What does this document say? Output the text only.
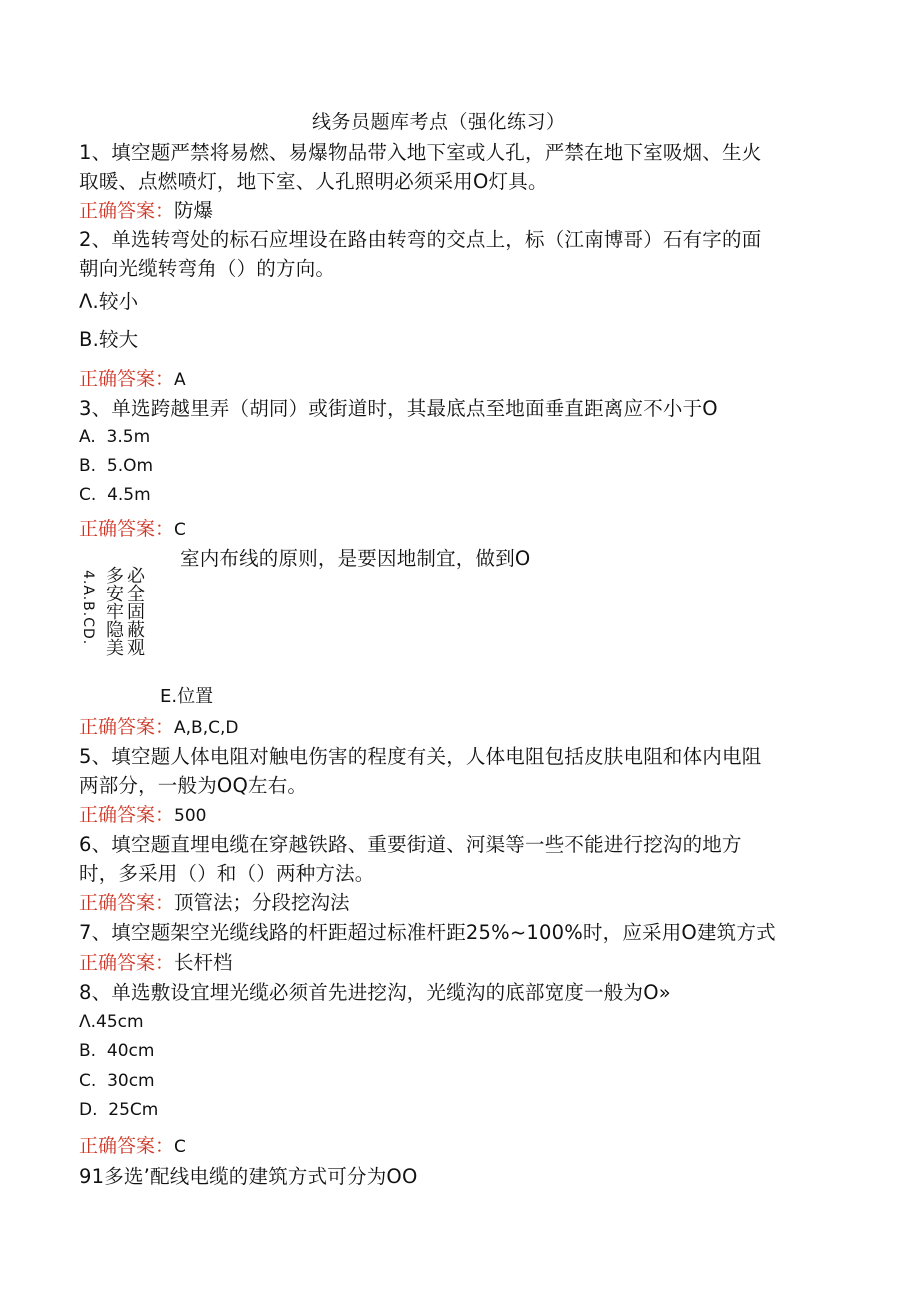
线务员题库考点（强化练习）
1、填空题严禁将易燃、易爆物品带入地下室或人孔，严禁在地下室吸烟、生火
取暖、点燃喷灯，地下室、人孔照明必须采用O灯具。
正确答案：防爆
2、单选转弯处的标石应埋设在路由转弯的交点上，标（江南博哥）石有字的面
朝向光缆转弯角（）的方向。
Λ.较小
B.较大
正确答案：A
3、单选跨越里弄（胡同）或街道时，其最底点至地面垂直距离应不小于O
A.  3.5m
B.  5.Om
C.  4.5m
正确答案：C
室内布线的原则，是要因地制宜，做到O
4.A.B.CD. 多安牢隐美 必全固蔽观
E.位置
正确答案：A,B,C,D
5、填空题人体电阻对触电伤害的程度有关，人体电阻包括皮肤电阻和体内电阻
两部分，一般为OQ左右。
正确答案：500
6、填空题直埋电缆在穿越铁路、重要街道、河渠等一些不能进行挖沟的地方
时，多采用（）和（）两种方法。
正确答案：顶管法；分段挖沟法
7、填空题架空光缆线路的杆距超过标准杆距25%~100%时，应采用O建筑方式
正确答案：长杆档
8、单选敷设宜埋光缆必须首先进挖沟，光缆沟的底部宽度一般为O»
Λ.45cm
B.  40cm
C.  30cm
D.  25Cm
正确答案：C
91多选’配线电缆的建筑方式可分为OO
